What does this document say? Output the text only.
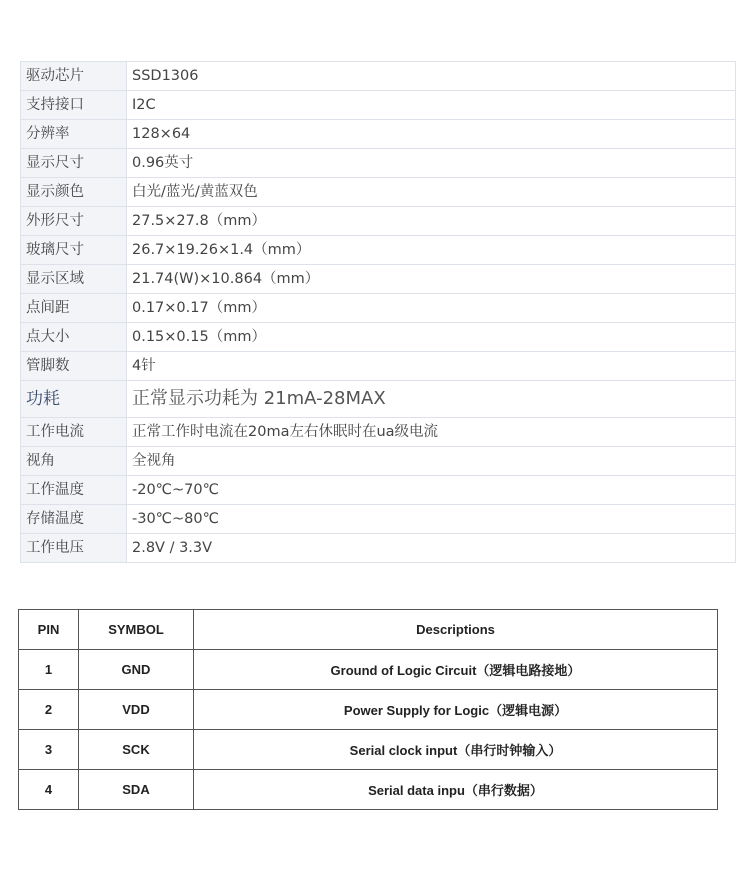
驱动芯片	SSD1306
支持接口	I2C
分辨率	128×64
显示尺寸	0.96英寸
显示颜色	白光/蓝光/黄蓝双色
外形尺寸	27.5×27.8（mm）
玻璃尺寸	26.7×19.26×1.4（mm）
显示区域	21.74(W)×10.864（mm）
点间距	0.17×0.17（mm）
点大小	0.15×0.15（mm）
管脚数	4针
功耗	正常显示功耗为 21mA-28MAX
工作电流	正常工作时电流在20ma左右休眠时在ua级电流
视角	全视角
工作温度	-20℃~70℃
存储温度	-30℃~80℃
工作电压	2.8V / 3.3V
PIN	SYMBOL	Descriptions
1	GND	Ground of Logic Circuit（逻辑电路接地）
2	VDD	Power Supply for Logic（逻辑电源）
3	SCK	Serial clock input（串行时钟输入）
4	SDA	Serial data inpu（串行数据）
